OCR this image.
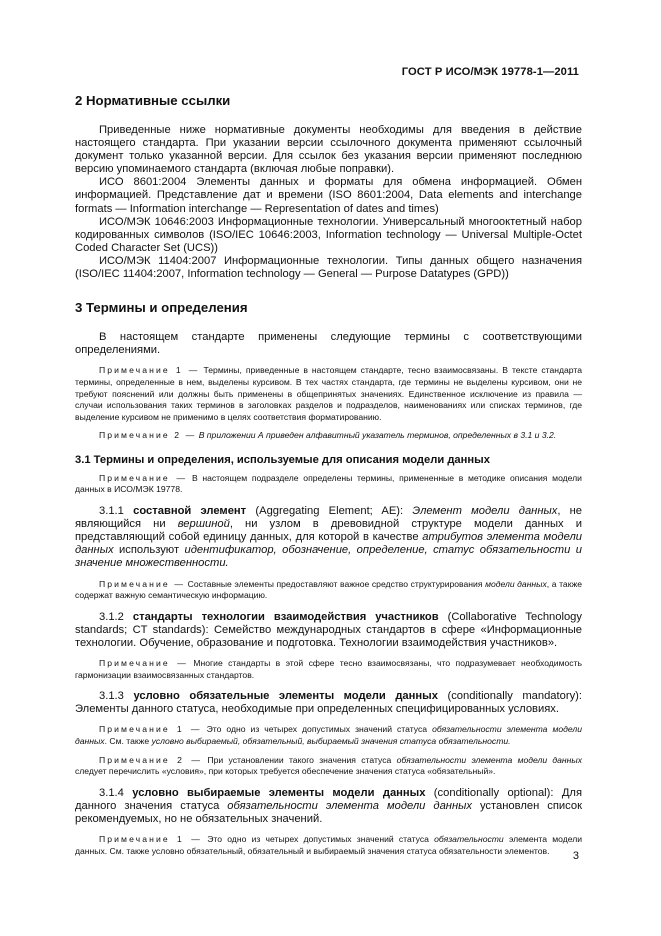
ГОСТ Р ИСО/МЭК 19778-1—2011
2 Нормативные ссылки

Приведенные ниже нормативные документы необходимы для введения в действие настоящего стандарта. При указании версии ссылочного документа применяют ссылочный документ только указанной версии. Для ссылок без указания версии применяют последнюю версию упоминаемого стандарта (включая любые поправки).

ИСО 8601:2004 Элементы данных и форматы для обмена информацией. Обмен информацией. Представление дат и времени (ISO 8601:2004, Data elements and interchange formats — Information interchange — Representation of dates and times)

ИСО/МЭК 10646:2003 Информационные технологии. Универсальный многооктетный набор кодированных символов (ISO/IEC 10646:2003, Information technology — Universal Multiple-Octet Coded Character Set (UCS))

ИСО/МЭК 11404:2007 Информационные технологии. Типы данных общего назначения (ISO/IEC 11404:2007, Information technology — General — Purpose Datatypes (GPD))

3 Термины и определения

В настоящем стандарте применены следующие термины с соответствующими определениями.

Примечание 1 — Термины, приведенные в настоящем стандарте, тесно взаимосвязаны. В тексте стандарта термины, определенные в нем, выделены курсивом. В тех частях стандарта, где термины не выделены курсивом, они не требуют пояснений или должны быть применены в общепринятых значениях. Единственное исключение из правила — случаи использования таких терминов в заголовках разделов и подразделов, наименованиях или списках терминов, где выделение курсивом не применимо в целях соответствия форматированию.

Примечание 2 — В приложении А приведен алфавитный указатель терминов, определенных в 3.1 и 3.2.

3.1 Термины и определения, используемые для описания модели данных

Примечание — В настоящем подразделе определены термины, примененные в методике описания модели данных в ИСО/МЭК 19778.

3.1.1 составной элемент (Aggregating Element; AE): Элемент модели данных, не являющийся ни вершиной, ни узлом в древовидной структуре модели данных и представляющий собой единицу данных, для которой в качестве атрибутов элемента модели данных используют идентификатор, обозначение, определение, статус обязательности и значение множественности.

Примечание — Составные элементы предоставляют важное средство структурирования модели данных, а также содержат важную семантическую информацию.

3.1.2 стандарты технологии взаимодействия участников (Collaborative Technology standards; CT standards): Семейство международных стандартов в сфере «Информационные технологии. Обучение, образование и подготовка. Технологии взаимодействия участников».

Примечание — Многие стандарты в этой сфере тесно взаимосвязаны, что подразумевает необходимость гармонизации взаимосвязанных стандартов.

3.1.3 условно обязательные элементы модели данных (conditionally mandatory): Элементы данного статуса, необходимые при определенных специфицированных условиях.

Примечание 1 — Это одно из четырех допустимых значений статуса обязательности элемента модели данных. См. также условно выбираемый, обязательный, выбираемый значения статуса обязательности.

Примечание 2 — При установлении такого значения статуса обязательности элемента модели данных следует перечислить «условия», при которых требуется обеспечение значения статуса «обязательный».

3.1.4 условно выбираемые элементы модели данных (conditionally optional): Для данного значения статуса обязательности элемента модели данных установлен список рекомендуемых, но не обязательных значений.

Примечание 1 — Это одно из четырех допустимых значений статуса обязательности элемента модели данных. См. также условно обязательный, обязательный и выбираемый значения статуса обязательности элементов.	3
